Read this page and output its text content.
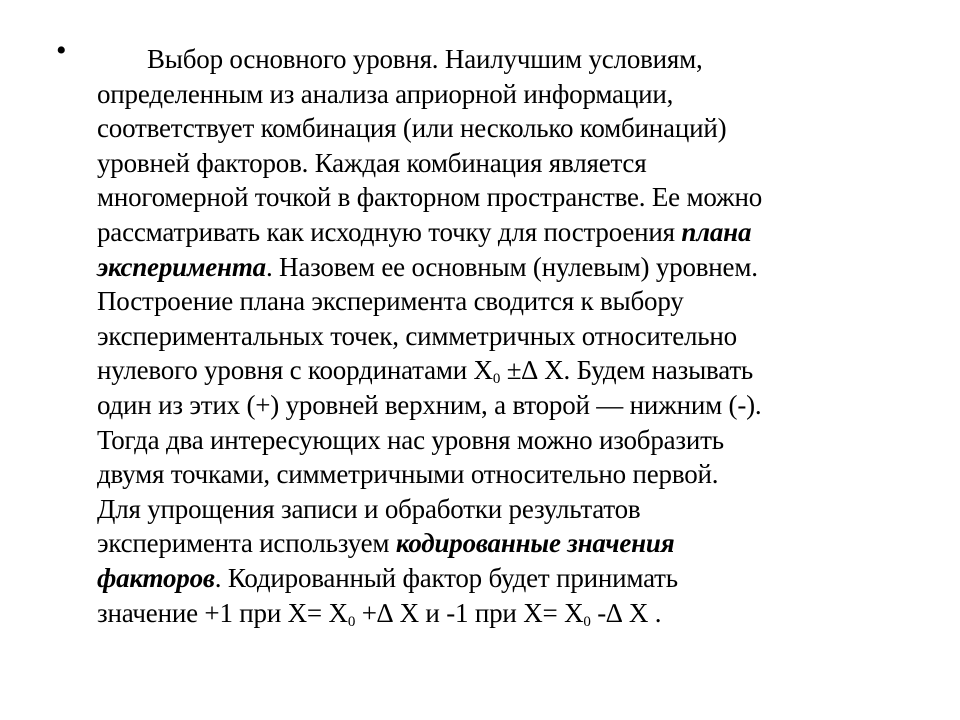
•	Выбор основного уровня. Наилучшим условиям,
определенным из анализа априорной информации,
соответствует комбинация (или несколько комбинаций)
уровней факторов. Каждая комбинация является
многомерной точкой в факторном пространстве. Ее можно
рассматривать как исходную точку для построения плана
эксперимента. Назовем ее основным (нулевым) уровнем.
Построение плана эксперимента сводится к выбору
экспериментальных точек, симметричных относительно
нулевого уровня с координатами $Х_0$ ±∆ Х. Будем называть
один из этих (+) уровней верхним, а второй — нижним (-).
Тогда два интересующих нас уровня можно изобразить
двумя точками, симметричными относительно первой.
Для упрощения записи и обработки результатов
эксперимента используем кодированные значения
факторов. Кодированный фактор будет принимать
значение +1 при $Х= Х_0$ +∆ Х и -1 при $Х= Х_0$ -∆ Х .
